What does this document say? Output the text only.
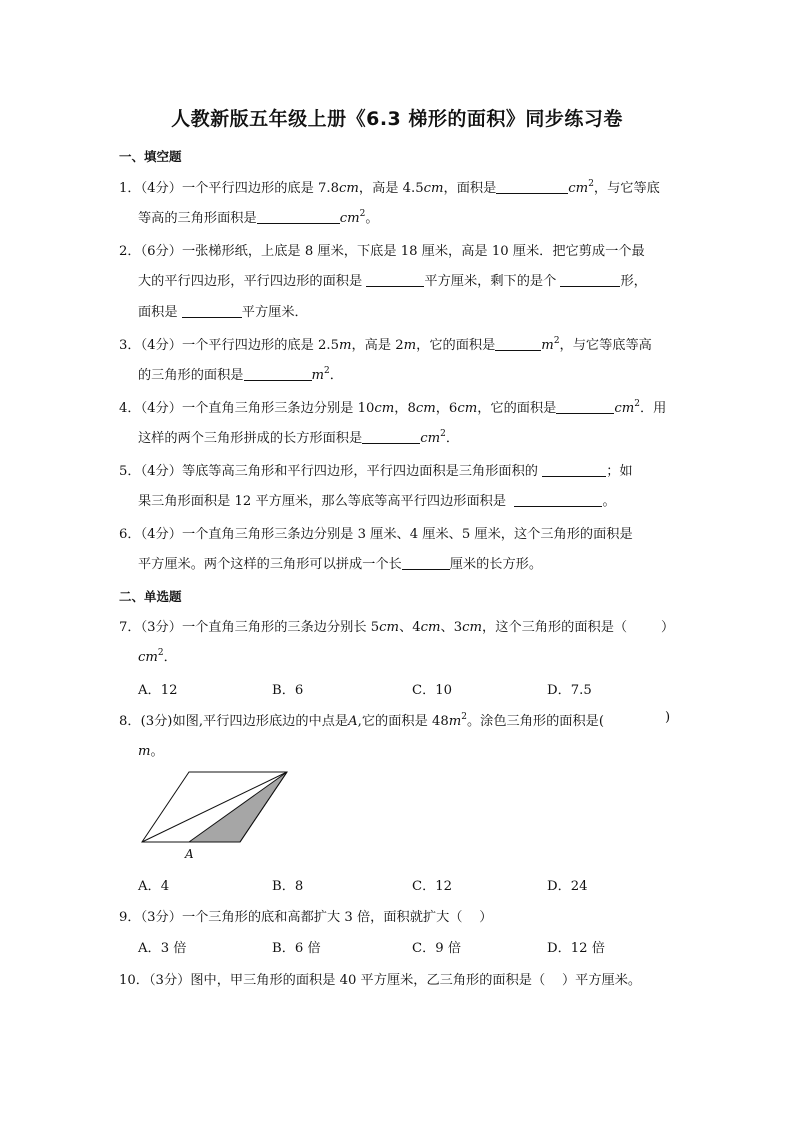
人教新版五年级上册《6.3 梯形的面积》同步练习卷
一、填空题
1．（4分）一个平行四边形的底是 7.8cm，高是 4.5cm，面积是	$cm^2$，与它等底
等高的三角形面积是	$cm^2$。
2．（6分）一张梯形纸，上底是 8 厘米，下底是 18 厘米，高是 10 厘米．把它剪成一个最
大的平行四边形，平行四边形的面积是	平方厘米，剩下的是个	形，
面积是	平方厘米．
3．（4分）一个平行四边形的底是 2.5m，高是 2m，它的面积是	$m^2$，与它等底等高
的三角形的面积是	$m^2$．
4．（4分）一个直角三角形三条边分别是 10cm，8cm，6cm，它的面积是	$cm^2$．用
这样的两个三角形拼成的长方形面积是	$cm^2$．
5．（4分）等底等高三角形和平行四边形，平行四边面积是三角形面积的	；如
果三角形面积是 12 平方厘米，那么等底等高平行四边形面积是	。
6．（4分）一个直角三角形三条边分别是 3 厘米、4 厘米、5 厘米，这个三角形的面积是
平方厘米。两个这样的三角形可以拼成一个长	厘米的长方形。
二、单选题
7．（3分）一个直角三角形的三条边分别长 5cm、4cm、3cm，这个三角形的面积是（	）
$cm^2$．
A．12	B．6	C．10	D．7.5
8．(3分)如图,平行四边形底边的中点是A,它的面积是 $48m^2$。涂色三角形的面积是(	)
m。
A
A．4	B．8	C．12	D．24
9．（3分）一个三角形的底和高都扩大 3 倍，面积就扩大（ ）
A．3 倍	B．6 倍	C．9 倍	D．12 倍
10．（3分）图中，甲三角形的面积是 40 平方厘米，乙三角形的面积是（ ）平方厘米。
